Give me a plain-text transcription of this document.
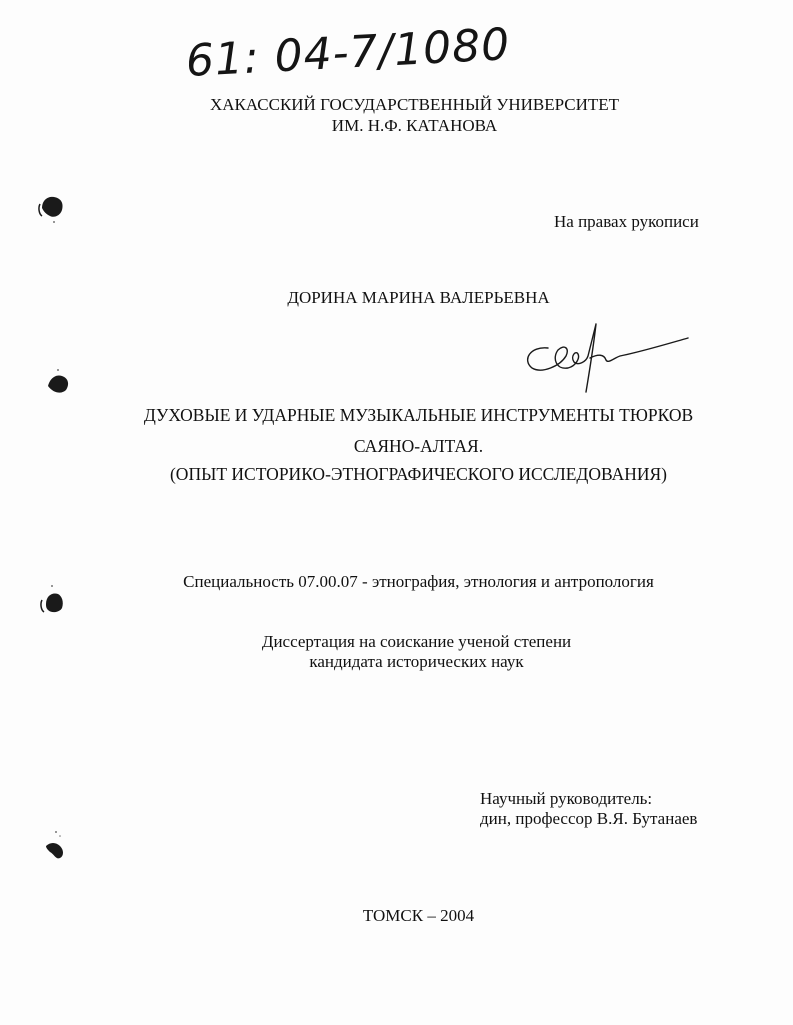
61: 04-7/1080
ХАКАССКИЙ ГОСУДАРСТВЕННЫЙ УНИВЕРСИТЕТ
ИМ. Н.Ф. КАТАНОВА
На правах рукописи
ДОРИНА МАРИНА ВАЛЕРЬЕВНА
ДУХОВЫЕ И УДАРНЫЕ МУЗЫКАЛЬНЫЕ ИНСТРУМЕНТЫ ТЮРКОВ
САЯНО-АЛТАЯ.
(ОПЫТ ИСТОРИКО-ЭТНОГРАФИЧЕСКОГО ИССЛЕДОВАНИЯ)
Специальность 07.00.07 - этнография, этнология и антропология
Диссертация на соискание ученой степени
кандидата исторических наук
Научный руководитель:
дин, профессор В.Я. Бутанаев
ТОМСК – 2004
